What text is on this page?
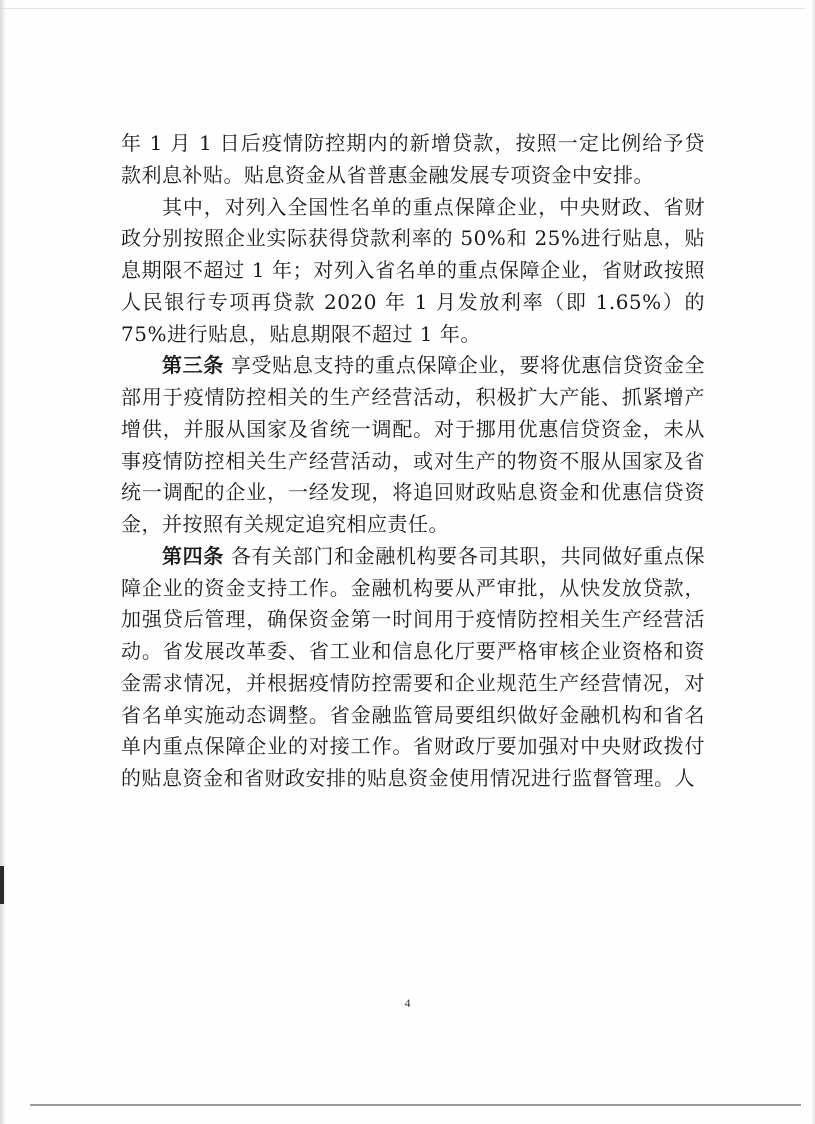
年 1 月 1 日后疫情防控期内的新增贷款，按照一定比例给予贷款利息补贴。贴息资金从省普惠金融发展专项资金中安排。

其中，对列入全国性名单的重点保障企业，中央财政、省财政分别按照企业实际获得贷款利率的 50%和 25%进行贴息，贴息期限不超过 1 年；对列入省名单的重点保障企业，省财政按照人民银行专项再贷款 2020 年 1 月发放利率（即 1.65%）的 75%进行贴息，贴息期限不超过 1 年。

第三条 享受贴息支持的重点保障企业，要将优惠信贷资金全部用于疫情防控相关的生产经营活动，积极扩大产能、抓紧增产增供，并服从国家及省统一调配。对于挪用优惠信贷资金，未从事疫情防控相关生产经营活动，或对生产的物资不服从国家及省统一调配的企业，一经发现，将追回财政贴息资金和优惠信贷资金，并按照有关规定追究相应责任。

第四条 各有关部门和金融机构要各司其职，共同做好重点保障企业的资金支持工作。金融机构要从严审批，从快发放贷款，加强贷后管理，确保资金第一时间用于疫情防控相关生产经营活动。省发展改革委、省工业和信息化厅要严格审核企业资格和资金需求情况，并根据疫情防控需要和企业规范生产经营情况，对省名单实施动态调整。省金融监管局要组织做好金融机构和省名单内重点保障企业的对接工作。省财政厅要加强对中央财政拨付的贴息资金和省财政安排的贴息资金使用情况进行监督管理。人

4
